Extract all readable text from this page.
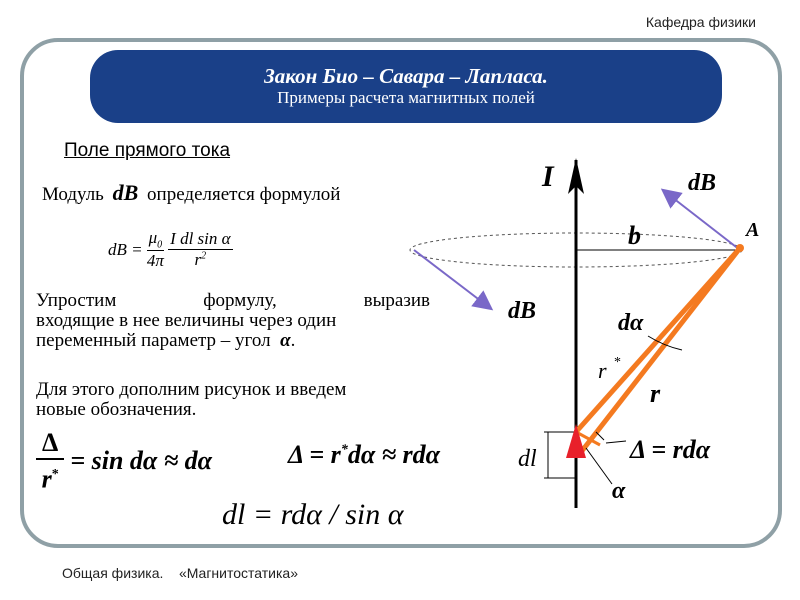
Кафедра физики
Закон Био – Савара – Лапласа.
Примеры расчета магнитных полей
Поле прямого тока
Модуль dB определяется формулой
dB = $\frac{\mu_0}{4\pi}$ I dl sin α
$r^2$
Упростим	формулу,	выразив
входящие в нее величины через один
переменный параметр – угол α.
Для этого дополним рисунок и введем
новые обозначения.
$\frac{\Delta}{r^*} = \sin d\alpha \approx d\alpha$	Δ = r*dα ≈ rdα
dl = rdα / sin α
I	dB
dB
A
b
dα
r *
r
dl	Δ = rdα
α
Общая физика. «Магнитостатика»
